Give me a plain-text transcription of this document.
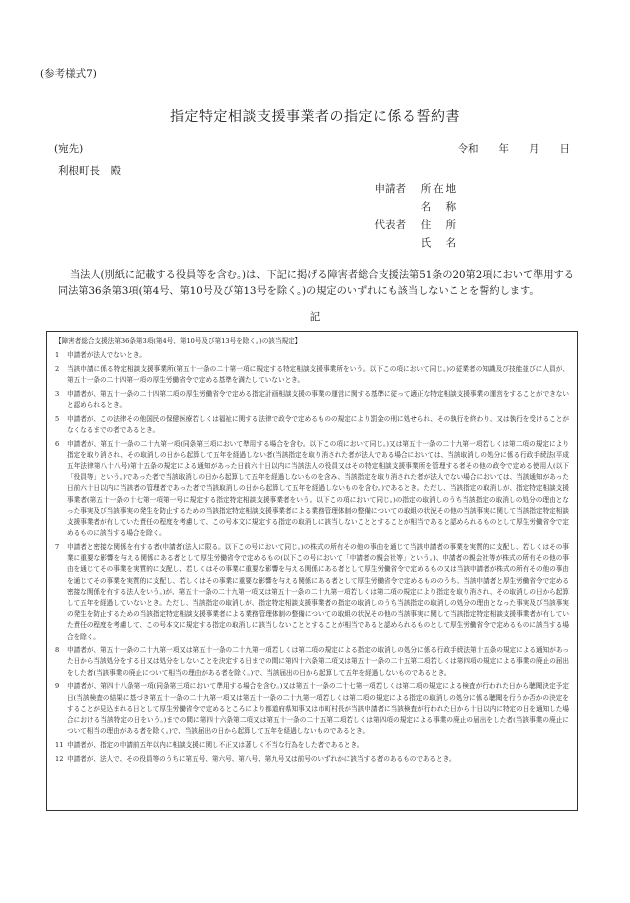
(参考様式7)
指定特定相談支援事業者の指定に係る誓約書
(宛先)	令和 年 月 日
利根町長　殿
申請者 所在地
名　称
代表者 住　所
氏　名
当法人(別紙に記載する役員等を含む。)は、下記に掲げる障害者総合支援法第51条の20第2項において準用する同法第36条第3項(第4号、第10号及び第13号を除く。)の規定のいずれにも該当しないことを誓約します。
記
【障害者総合支援法第36条第3項(第4号、第10号及び第13号を除く。)の該当規定】
1	申請者が法人でないとき。
2	当該申請に係る特定相談支援事業所(第五十一条の二十第一項に規定する特定相談支援事業所をいう。以下この項において同じ。)の従業者の知識及び技能並びに人員が、第五十一条の二十四第一項の厚生労働省令で定める基準を満たしていないとき。
3	申請者が、第五十一条の二十四第二項の厚生労働省令で定める指定計画相談支援の事業の運営に関する基準に従って適正な特定相談支援事業の運営をすることができないと認められるとき。
5	申請者が、この法律その他国民の保健医療若しくは福祉に関する法律で政令で定めるものの規定により罰金の刑に処せられ、その執行を終わり、又は執行を受けることがなくなるまでの者であるとき。
6	申請者が、第五十一条の二十九第一項(同条第三項において準用する場合を含む。以下この項において同じ。)又は第五十一条の二十九第一項若しくは第二項の規定により指定を取り消され、その取消しの日から起算して五年を経過しない者(当該指定を取り消された者が法人である場合においては、当該取消しの処分に係る行政手続法(平成五年法律第八十八号)第十五条の規定による通知があった日前六十日以内に当該法人の役員又はその特定相談支援事業所を管理する者その他の政令で定める使用人(以下「役員等」という。)であった者で当該取消しの日から起算して五年を経過しないものを含み、当該指定を取り消された者が法人でない場合においては、当該通知があった日前六十日以内に当該者の管理者であった者で当該取消しの日から起算して五年を経過しないものを含む。)であるとき。ただし、当該指定の取消しが、指定特定相談支援事業者(第五十一条の十七第一項第一号に規定する指定特定相談支援事業者をいう。以下この項において同じ。)の指定の取消しのうち当該指定の取消しの処分の理由となった事実及び当該事実の発生を防止するための当該指定特定相談支援事業者による業務管理体制の整備についての取組の状況その他の当該事実に関して当該指定特定相談支援事業者が有していた責任の程度を考慮して、この号本文に規定する指定の取消しに該当しないこととすることが相当であると認められるものとして厚生労働省令で定めるものに該当する場合を除く。
7	申請者と密接な関係を有する者(申請者(法人に限る。以下この号において同じ。)の株式の所有その他の事由を通じて当該申請者の事業を実質的に支配し、若しくはその事業に重要な影響を与える関係にある者として厚生労働省令で定めるもの(以下この号において「申請者の親会社等」という。)、申請者の親会社等が株式の所有その他の事由を通じてその事業を実質的に支配し、若しくはその事業に重要な影響を与える関係にある者として厚生労働省令で定めるもの又は当該申請者が株式の所有その他の事由を通じてその事業を実質的に支配し、若しくはその事業に重要な影響を与える関係にある者として厚生労働省令で定めるもののうち、当該申請者と厚生労働省令で定める密接な関係を有する法人をいう。)が、第五十一条の二十九第一項又は第五十一条の二十九第一項若しくは第二項の規定により指定を取り消され、その取消しの日から起算して五年を経過していないとき。ただし、当該指定の取消しが、指定特定相談支援事業者の指定の取消しのうち当該指定の取消しの処分の理由となった事実及び当該事実の発生を防止するための当該指定特定相談支援事業者による業務管理体制の整備についての取組の状況その他の当該事実に関して当該指定特定相談支援事業者が有していた責任の程度を考慮して、この号本文に規定する指定の取消しに該当しないこととすることが相当であると認められるものとして厚生労働省令で定めるものに該当する場合を除く。
8	申請者が、第五十一条の二十九第一項又は第五十一条の二十九第一項若しくは第二項の規定による指定の取消しの処分に係る行政手続法第十五条の規定による通知があった日から当該処分をする日又は処分をしないことを決定する日までの間に第四十六条第二項又は第五十一条の二十五第二項若しくは第四項の規定による事業の廃止の届出をした者(当該事業の廃止について相当の理由がある者を除く。)で、当該届出の日から起算して五年を経過しないものであるとき。
9	申請者が、第四十八条第一項(同条第三項において準用する場合を含む。)又は第五十一条の二十七第一項若しくは第二項の規定による検査が行われた日から聴聞決定予定日(当該検査の結果に基づき第五十一条の二十九第一項又は第五十一条の二十九第一項若しくは第二項の規定による指定の取消しの処分に係る聴聞を行うか否かの決定をすることが見込まれる日として厚生労働省令で定めるところにより都道府県知事又は市町村長が当該申請者に当該検査が行われた日から十日以内に特定の日を通知した場合における当該特定の日をいう。)までの間に第四十六条第二項又は第五十一条の二十五第二項若しくは第四項の規定による事業の廃止の届出をした者(当該事業の廃止について相当の理由がある者を除く。)で、当該届出の日から起算して五年を経過しないものであるとき。
11 申請者が、指定の申請前五年以内に相談支援に関し不正又は著しく不当な行為をした者であるとき。
12 申請者が、法人で、その役員等のうちに第五号、第六号、第八号、第九号又は前号のいずれかに該当する者のあるものであるとき。
